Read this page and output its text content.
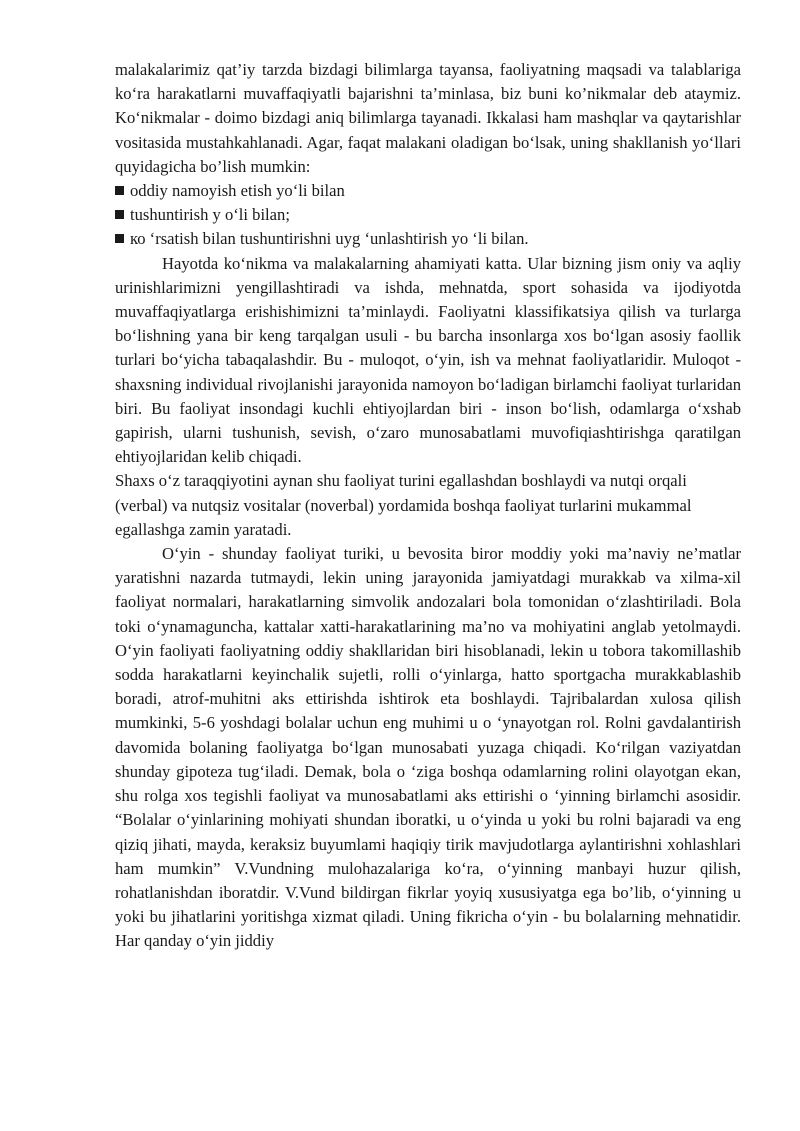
malakalarimiz qat’iy tarzda bizdagi bilimlarga tayansa, faoliyatning maqsadi va talablariga ko‘ra harakatlarni muvaffaqiyatli bajarishni ta’minlasa, biz buni ko’nikmalar deb ataymiz. Ko‘nikmalar - doimo bizdagi aniq bilimlarga tayanadi. Ikkalasi ham mashqlar va qaytarishlar vositasida mustahkahlanadi. Agar, faqat malakani oladigan bo‘lsak, uning shakllanish yo‘llari quyidagicha bo’lish mumkin:

oddiy namoyish etish yo‘li bilan

tushuntirish y o‘li bilan;

ко ‘rsatish bilan tushuntirishni uyg ‘unlashtirish yo ‘li bilan.

Hayotda ko‘nikma va malakalarning ahamiyati katta. Ular bizning jism oniy va aqliy urinishlarimizni yengillashtiradi va ishda, mehnatda, sport sohasida va ijodiyotda muvaffaqiyatlarga erishishimizni ta’minlaydi. Faoliyatni klassifikatsiya qilish va turlarga bo‘lishning yana bir keng tarqalgan usuli - bu barcha insonlarga xos bo‘lgan asosiy faollik turlari bo‘yicha tabaqalashdir. Bu - muloqot, o‘yin, ish va mehnat faoliyatlaridir. Muloqot - shaxsning individual rivojlanishi jarayonida namoyon bo‘ladigan birlamchi faoliyat turlaridan biri. Bu faoliyat insondagi kuchli ehtiyojlardan biri - inson bo‘lish, odamlarga o‘xshab gapirish, ularni tushunish, sevish, o‘zaro munosabatlami muvofiqiashtirishga qaratilgan ehtiyojlaridan kelib chiqadi.

Shaxs o‘z taraqqiyotini aynan shu faoliyat turini egallashdan boshlaydi va nutqi orqali (verbal) va nutqsiz vositalar (noverbal) yordamida boshqa faoliyat turlarini mukammal egallashga zamin yaratadi.

O‘yin - shunday faoliyat turiki, u bevosita biror moddiy yoki ma’naviy ne’matlar yaratishni nazarda tutmaydi, lekin uning jarayonida jamiyatdagi murakkab va xilma-xil faoliyat normalari, harakatlarning simvolik andozalari bola tomonidan o‘zlashtiriladi. Bola toki o‘ynamaguncha, kattalar xatti-harakatlarining ma’no va mohiyatini anglab yetolmaydi. O‘yin faoliyati faoliyatning oddiy shakllaridan biri hisoblanadi, lekin u tobora takomillashib sodda harakatlarni keyinchalik sujetli, rolli o‘yinlarga, hatto sportgacha murakkablashib boradi, atrof-muhitni aks ettirishda ishtirok eta boshlaydi. Tajribalardan xulosa qilish mumkinki, 5-6 yoshdagi bolalar uchun eng muhimi u o ‘ynayotgan rol. Rolni gavdalantirish davomida bolaning faoliyatga bo‘lgan munosabati yuzaga chiqadi. Ko‘rilgan vaziyatdan shunday gipoteza tug‘iladi. Demak, bola o ‘ziga boshqa odamlarning rolini olayotgan ekan, shu rolga xos tegishli faoliyat va munosabatlami aks ettirishi o ‘yinning birlamchi asosidir. “Bolalar o‘yinlarining mohiyati shundan iboratki, u o‘yinda u yoki bu rolni bajaradi va eng qiziq jihati, mayda, keraksiz buyumlami haqiqiy tirik mavjudotlarga aylantirishni xohlashlari ham mumkin” V.Vundning mulohazalariga ko‘ra, o‘yinning manbayi huzur qilish, rohatlanishdan iboratdir. V.Vund bildirgan fikrlar yoyiq xususiyatga ega bo’lib, o‘yinning u yoki bu jihatlarini yoritishga xizmat qiladi. Uning fikricha o‘yin - bu bolalarning mehnatidir. Har qanday o‘yin jiddiy
